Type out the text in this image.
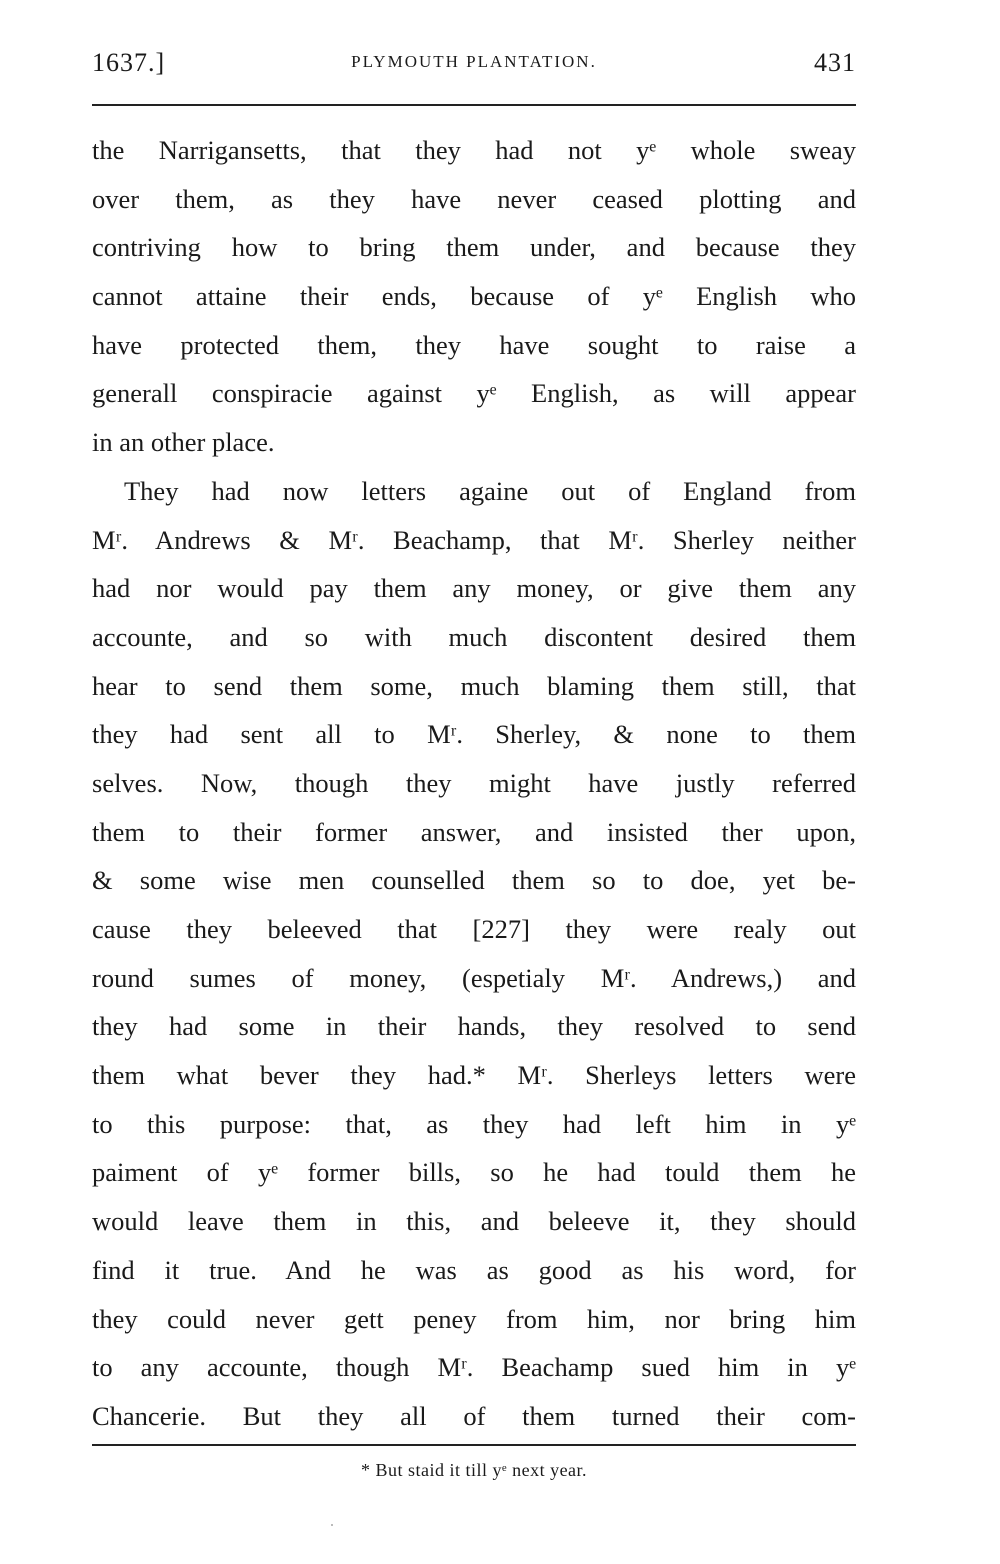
1637.]	PLYMOUTH PLANTATION.	431
the Narrigansetts, that they had not yᵉ whole sweay
over them, as they have never ceased plotting and
contriving how to bring them under, and because they
cannot attaine their ends, because of yᵉ English who
have protected them, they have sought to raise a
generall conspiracie against yᵉ English, as will appear
in an other place.
They had now letters againe out of England from
Mʳ. Andrews & Mʳ. Beachamp, that Mʳ. Sherley neither
had nor would pay them any money, or give them any
accounte, and so with much discontent desired them
hear to send them some, much blaming them still, that
they had sent all to Mʳ. Sherley, & none to them
selves. Now, though they might have justly referred
them to their former answer, and insisted ther upon,
& some wise men counselled them so to doe, yet be-
cause they beleeved that [227] they were realy out
round sumes of money, (espetialy Mʳ. Andrews,) and
they had some in their hands, they resolved to send
them what bever they had.* Mʳ. Sherleys letters were
to this purpose: that, as they had left him in yᵉ
paiment of yᵉ former bills, so he had tould them he
would leave them in this, and beleeve it, they should
find it true. And he was as good as his word, for
they could never gett peney from him, nor bring him
to any accounte, though Mʳ. Beachamp sued him in yᵉ
Chancerie. But they all of them turned their com-
* But staid it till yᵉ next year.
